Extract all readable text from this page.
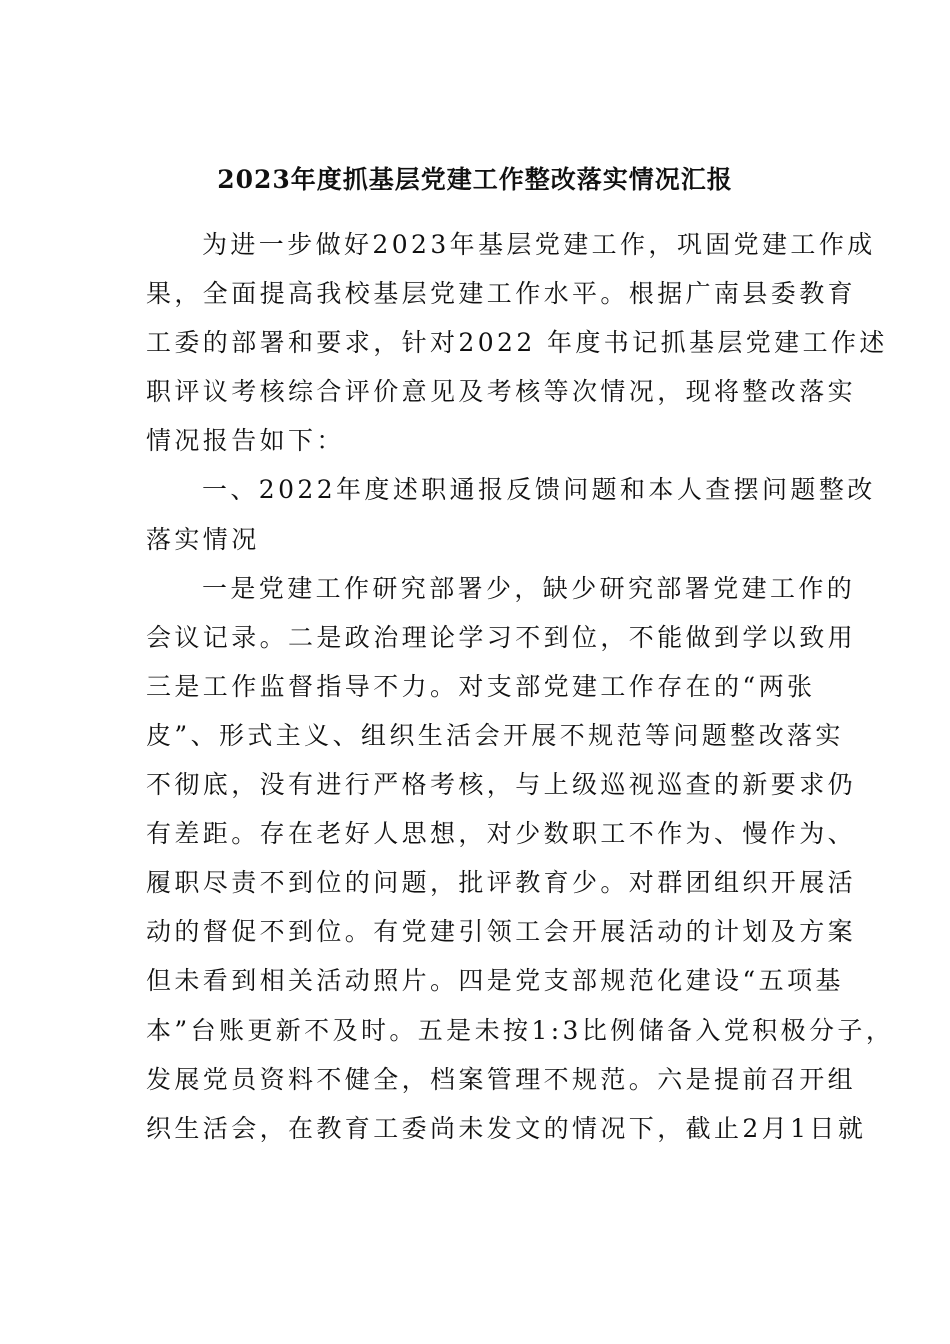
2023年度抓基层党建工作整改落实情况汇报

为进一步做好2023年基层党建工作，巩固党建工作成
果，全面提高我校基层党建工作水平。根据广南县委教育
工委的部署和要求，针对2022 年度书记抓基层党建工作述
职评议考核综合评价意见及考核等次情况，现将整改落实
情况报告如下：

一、2022年度述职通报反馈问题和本人查摆问题整改
落实情况

一是党建工作研究部署少，缺少研究部署党建工作的
会议记录。二是政治理论学习不到位，不能做到学以致用
三是工作监督指导不力。对支部党建工作存在的“两张
皮”、形式主义、组织生活会开展不规范等问题整改落实
不彻底，没有进行严格考核，与上级巡视巡查的新要求仍
有差距。存在老好人思想，对少数职工不作为、慢作为、
履职尽责不到位的问题，批评教育少。对群团组织开展活
动的督促不到位。有党建引领工会开展活动的计划及方案
但未看到相关活动照片。四是党支部规范化建设“五项基
本”台账更新不及时。五是未按1:3比例储备入党积极分子，
发展党员资料不健全，档案管理不规范。六是提前召开组
织生活会，在教育工委尚未发文的情况下，截止2月1日就
